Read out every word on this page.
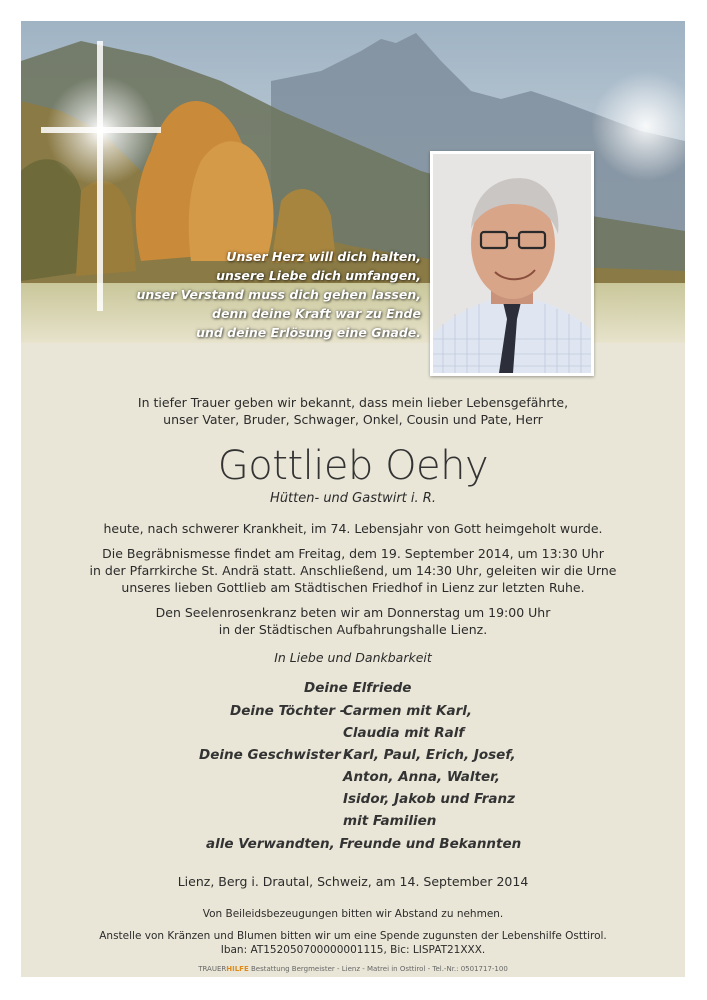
Unser Herz will dich halten,
unsere Liebe dich umfangen,
unser Verstand muss dich gehen lassen,
denn deine Kraft war zu Ende
und deine Erlösung eine Gnade.
In tiefer Trauer geben wir bekannt, dass mein lieber Lebensgefährte,
unser Vater, Bruder, Schwager, Onkel, Cousin und Pate, Herr
Gottlieb Oehy
Hütten- und Gastwirt i. R.
heute, nach schwerer Krankheit, im 74. Lebensjahr von Gott heimgeholt wurde.
Die Begräbnismesse findet am Freitag, dem 19. September 2014, um 13:30 Uhr
in der Pfarrkirche St. Andrä statt. Anschließend, um 14:30 Uhr, geleiten wir die Urne
unseres lieben Gottlieb am Städtischen Friedhof in Lienz zur letzten Ruhe.
Den Seelenrosenkranz beten wir am Donnerstag um 19:00 Uhr
in der Städtischen Aufbahrungshalle Lienz.
In Liebe und Dankbarkeit
Deine Elfriede
Deine Töchter -
Carmen mit Karl,
Claudia mit Ralf
Deine Geschwister -
Karl, Paul, Erich, Josef,
Anton, Anna, Walter,
Isidor, Jakob und Franz
mit Familien
alle Verwandten, Freunde und Bekannten
Lienz, Berg i. Drautal, Schweiz, am 14. September 2014
Von Beileidsbezeugungen bitten wir Abstand zu nehmen.
Anstelle von Kränzen und Blumen bitten wir um eine Spende zugunsten der Lebenshilfe Osttirol.
Iban: AT152050700000001115, Bic: LISPAT21XXX.
TRAUERHILFE Bestattung Bergmeister - Lienz - Matrei in Osttirol - Tel.-Nr.: 0501717-100
